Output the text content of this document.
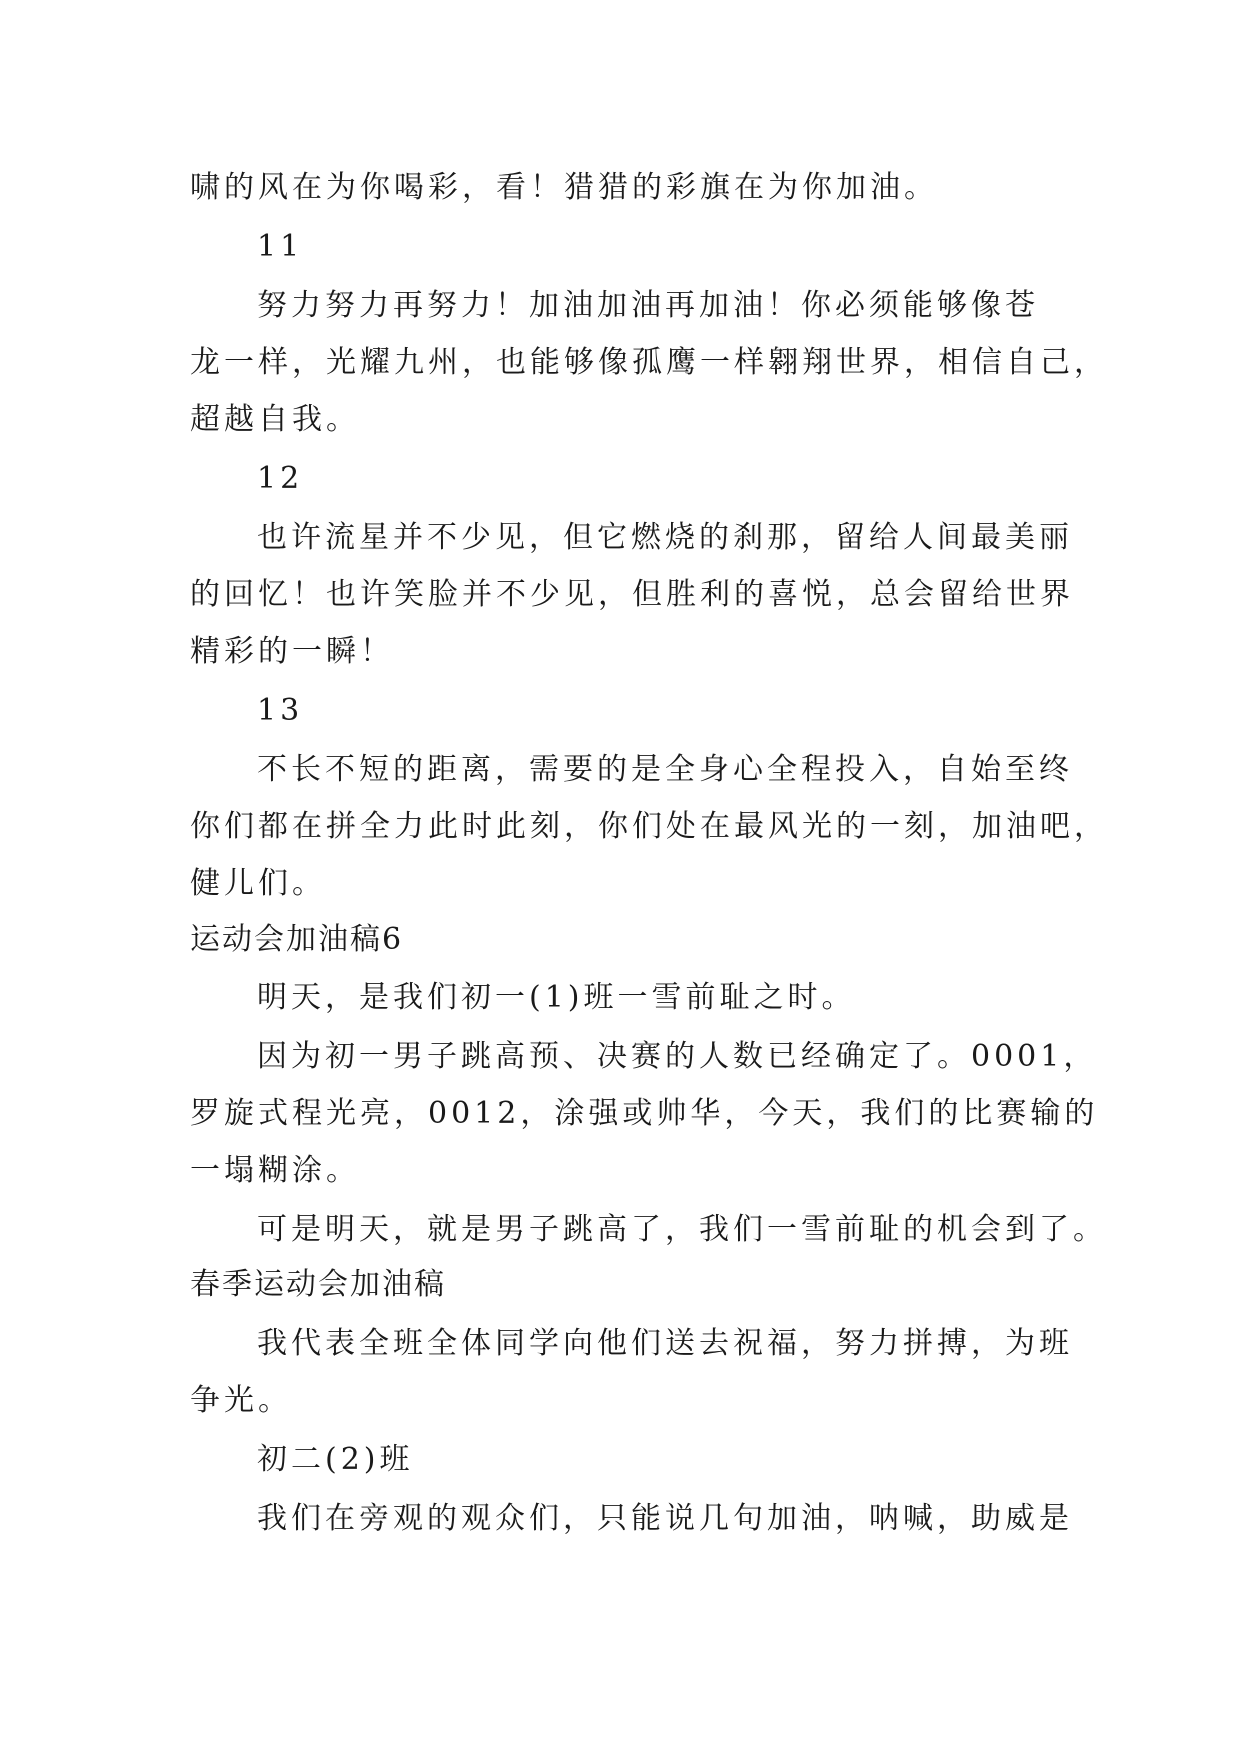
啸的风在为你喝彩，看！猎猎的彩旗在为你加油。
11
努力努力再努力！加油加油再加油！你必须能够像苍
龙一样，光耀九州，也能够像孤鹰一样翱翔世界，相信自己，
超越自我。
12
也许流星并不少见，但它燃烧的刹那，留给人间最美丽
的回忆！也许笑脸并不少见，但胜利的喜悦，总会留给世界
精彩的一瞬！
13
不长不短的距离，需要的是全身心全程投入，自始至终
你们都在拼全力此时此刻，你们处在最风光的一刻，加油吧，
健儿们。
运动会加油稿6
明天，是我们初一(1)班一雪前耻之时。
因为初一男子跳高预、决赛的人数已经确定了。0001，
罗旋式程光亮，0012，涂强或帅华，今天，我们的比赛输的
一塌糊涂。
可是明天，就是男子跳高了，我们一雪前耻的机会到了。
春季运动会加油稿
我代表全班全体同学向他们送去祝福，努力拼搏，为班
争光。
初二(2)班
我们在旁观的观众们，只能说几句加油，呐喊，助威是
